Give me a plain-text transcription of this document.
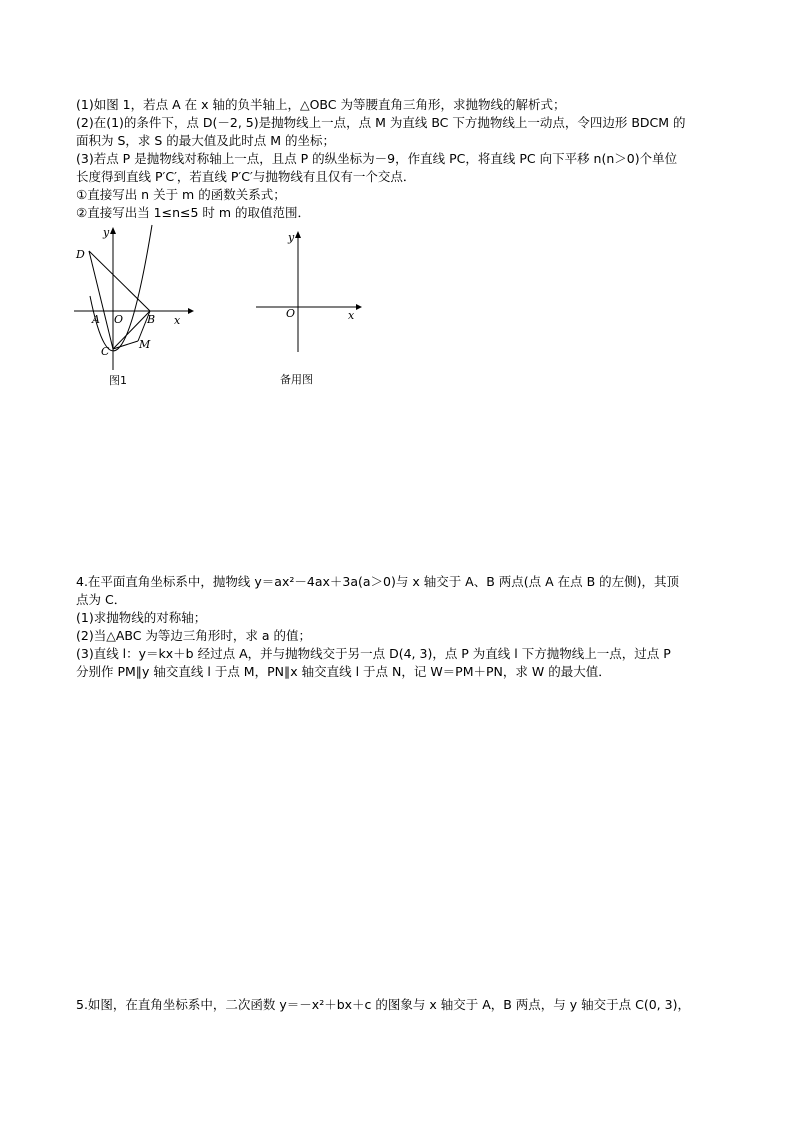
(1)如图 1，若点 A 在 x 轴的负半轴上，△OBC 为等腰直角三角形，求抛物线的解析式；
(2)在(1)的条件下，点 D(－2, 5)是抛物线上一点，点 M 为直线 BC 下方抛物线上一动点，令四边形 BDCM 的
面积为 S，求 S 的最大值及此时点 M 的坐标；
(3)若点 P 是抛物线对称轴上一点，且点 P 的纵坐标为－9，作直线 PC，将直线 PC 向下平移 n(n＞0)个单位
长度得到直线 P′C′，若直线 P′C′与抛物线有且仅有一个交点．
①直接写出 n 关于 m 的函数关系式；
②直接写出当 1≤n≤5 时 m 的取值范围．
y
x
D
A O B
C
M
图1
y
x
O
备用图
4.在平面直角坐标系中，抛物线 y＝ax²－4ax＋3a(a＞0)与 x 轴交于 A、B 两点(点 A 在点 B 的左侧)，其顶
点为 C．
(1)求抛物线的对称轴；
(2)当△ABC 为等边三角形时，求 a 的值；
(3)直线 l：y＝kx＋b 经过点 A，并与抛物线交于另一点 D(4, 3)，点 P 为直线 l 下方抛物线上一点，过点 P
分别作 PM∥y 轴交直线 l 于点 M，PN∥x 轴交直线 l 于点 N，记 W＝PM＋PN，求 W 的最大值．
5.如图，在直角坐标系中，二次函数 y＝－x²＋bx＋c 的图象与 x 轴交于 A，B 两点，与 y 轴交于点 C(0, 3)，
